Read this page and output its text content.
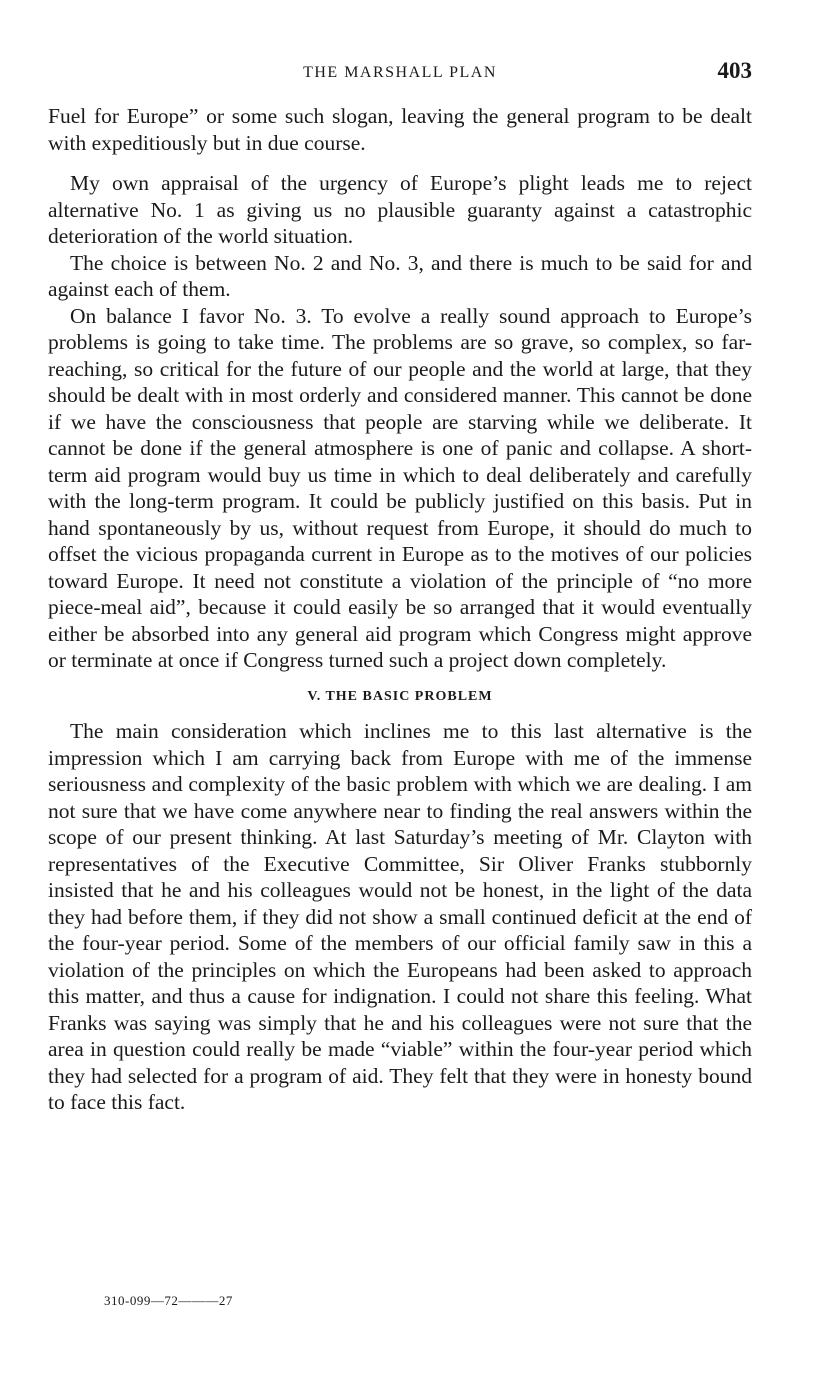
THE MARSHALL PLAN	403

Fuel for Europe” or some such slogan, leaving the general program to be dealt with expeditiously but in due course.

My own appraisal of the urgency of Europe’s plight leads me to reject alternative No. 1 as giving us no plausible guaranty against a catastrophic deterioration of the world situation.

The choice is between No. 2 and No. 3, and there is much to be said for and against each of them.

On balance I favor No. 3. To evolve a really sound approach to Europe’s problems is going to take time. The problems are so grave, so complex, so far-reaching, so critical for the future of our people and the world at large, that they should be dealt with in most orderly and considered manner. This cannot be done if we have the consciousness that people are starving while we deliberate. It cannot be done if the general atmosphere is one of panic and collapse. A short-term aid program would buy us time in which to deal deliberately and carefully with the long-term program. It could be publicly justified on this basis. Put in hand spontaneously by us, without request from Europe, it should do much to offset the vicious propaganda current in Europe as to the motives of our policies toward Europe. It need not constitute a violation of the principle of “no more piece-meal aid”, because it could easily be so arranged that it would eventually either be absorbed into any general aid program which Congress might approve or terminate at once if Congress turned such a project down completely.

V. THE BASIC PROBLEM

The main consideration which inclines me to this last alternative is the impression which I am carrying back from Europe with me of the immense seriousness and complexity of the basic problem with which we are dealing. I am not sure that we have come anywhere near to finding the real answers within the scope of our present thinking. At last Saturday’s meeting of Mr. Clayton with representatives of the Executive Committee, Sir Oliver Franks stubbornly insisted that he and his colleagues would not be honest, in the light of the data they had before them, if they did not show a small continued deficit at the end of the four-year period. Some of the members of our official family saw in this a violation of the principles on which the Europeans had been asked to approach this matter, and thus a cause for indignation. I could not share this feeling. What Franks was saying was simply that he and his colleagues were not sure that the area in question could really be made “viable” within the four-year period which they had selected for a program of aid. They felt that they were in honesty bound to face this fact.

310-099—72———27
